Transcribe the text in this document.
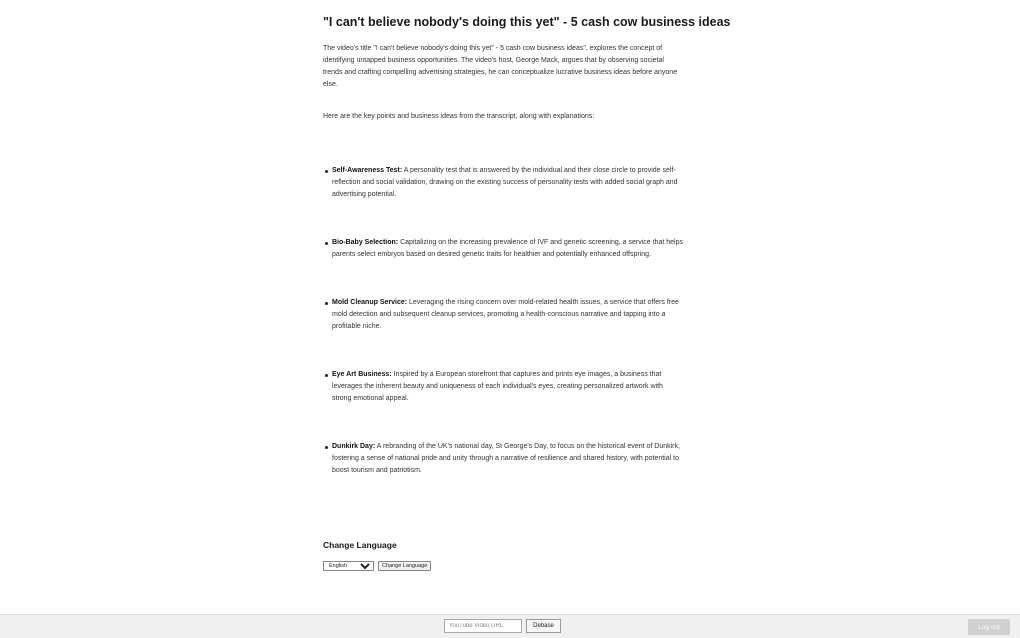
"I can't believe nobody's doing this yet" - 5 cash cow business ideas

The video's title "I can't believe nobody's doing this yet" - 5 cash cow business ideas", explores the concept of identifying untapped business opportunities. The video's host, George Mack, argues that by observing societal trends and crafting compelling advertising strategies, he can conceptualize lucrative business ideas before anyone else.

Here are the key points and business ideas from the transcript, along with explanations:

Self-Awareness Test: A personality test that is answered by the individual and their close circle to provide self-reflection and social validation, drawing on the existing success of personality tests with added social graph and advertising potential.
Bio-Baby Selection: Capitalizing on the increasing prevalence of IVF and genetic screening, a service that helps parents select embryos based on desired genetic traits for healthier and potentially enhanced offspring.
Mold Cleanup Service: Leveraging the rising concern over mold-related health issues, a service that offers free mold detection and subsequent cleanup services, promoting a health-conscious narrative and tapping into a profitable niche.
Eye Art Business: Inspired by a European storefront that captures and prints eye images, a business that leverages the inherent beauty and uniqueness of each individual's eyes, creating personalized artwork with strong emotional appeal.
Dunkirk Day: A rebranding of the UK's national day, St George's Day, to focus on the historical event of Dunkirk, fostering a sense of national pride and unity through a narrative of resilience and shared history, with potential to boost tourism and patriotism.
Change Language
English
Change Language
YouTube Video URL
Debase	Log out
